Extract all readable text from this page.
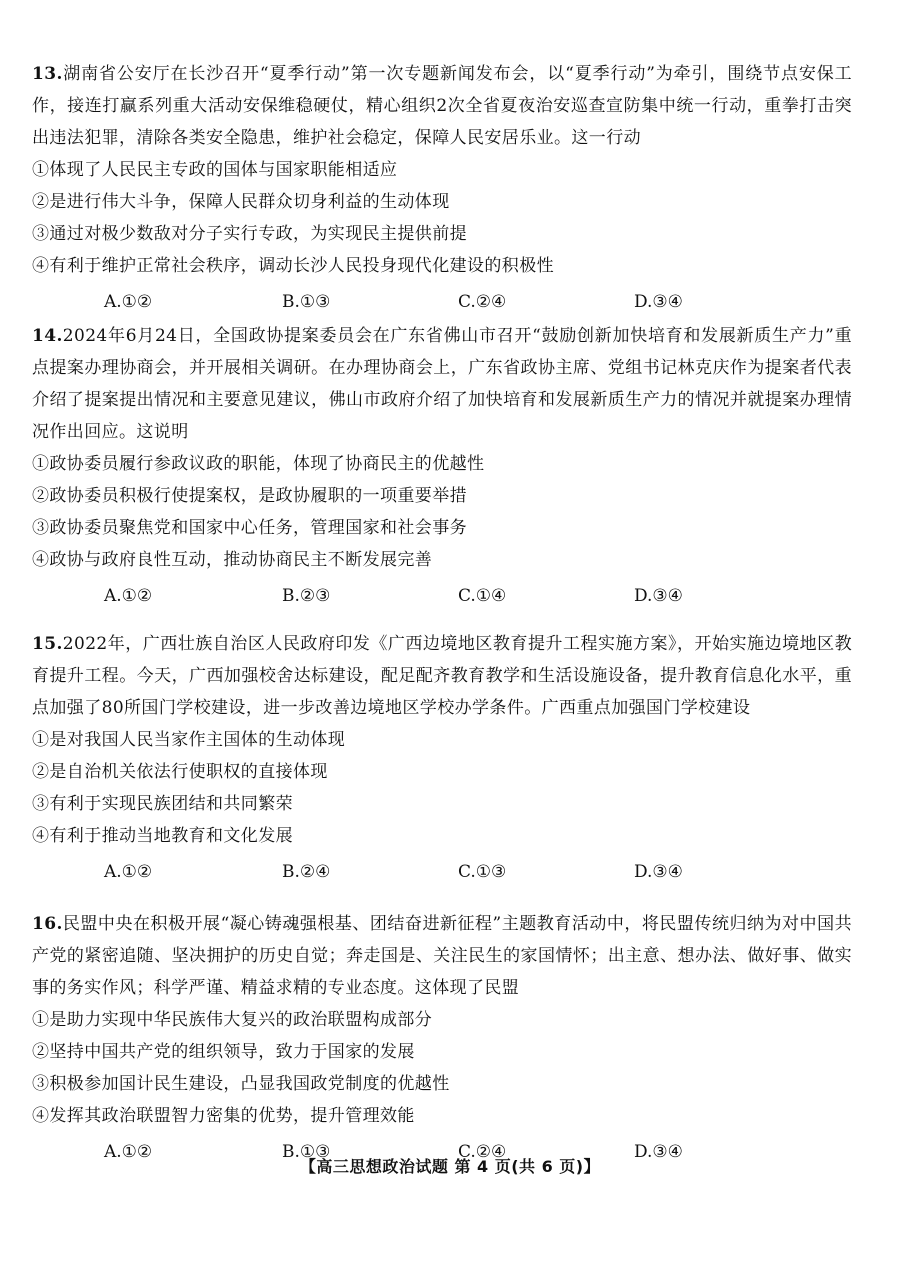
13.湖南省公安厅在长沙召开“夏季行动”第一次专题新闻发布会，以“夏季行动”为牵引，围绕节点安保工作，接连打赢系列重大活动安保维稳硬仗，精心组织2次全省夏夜治安巡查宣防集中统一行动，重拳打击突出违法犯罪，清除各类安全隐患，维护社会稳定，保障人民安居乐业。这一行动

①体现了人民民主专政的国体与国家职能相适应

②是进行伟大斗争，保障人民群众切身利益的生动体现

③通过对极少数敌对分子实行专政，为实现民主提供前提

④有利于维护正常社会秩序，调动长沙人民投身现代化建设的积极性

A.①②	B.①③	C.②④	D.③④

14.2024年6月24日，全国政协提案委员会在广东省佛山市召开“鼓励创新加快培育和发展新质生产力”重点提案办理协商会，并开展相关调研。在办理协商会上，广东省政协主席、党组书记林克庆作为提案者代表介绍了提案提出情况和主要意见建议，佛山市政府介绍了加快培育和发展新质生产力的情况并就提案办理情况作出回应。这说明

①政协委员履行参政议政的职能，体现了协商民主的优越性

②政协委员积极行使提案权，是政协履职的一项重要举措

③政协委员聚焦党和国家中心任务，管理国家和社会事务

④政协与政府良性互动，推动协商民主不断发展完善

A.①②	B.②③	C.①④	D.③④

15.2022年，广西壮族自治区人民政府印发《广西边境地区教育提升工程实施方案》，开始实施边境地区教育提升工程。今天，广西加强校舍达标建设，配足配齐教育教学和生活设施设备，提升教育信息化水平，重点加强了80所国门学校建设，进一步改善边境地区学校办学条件。广西重点加强国门学校建设

①是对我国人民当家作主国体的生动体现

②是自治机关依法行使职权的直接体现

③有利于实现民族团结和共同繁荣

④有利于推动当地教育和文化发展

A.①②	B.②④	C.①③	D.③④

16.民盟中央在积极开展“凝心铸魂强根基、团结奋进新征程”主题教育活动中，将民盟传统归纳为对中国共产党的紧密追随、坚决拥护的历史自觉；奔走国是、关注民生的家国情怀；出主意、想办法、做好事、做实事的务实作风；科学严谨、精益求精的专业态度。这体现了民盟

①是助力实现中华民族伟大复兴的政治联盟构成部分

②坚持中国共产党的组织领导，致力于国家的发展

③积极参加国计民生建设，凸显我国政党制度的优越性

④发挥其政治联盟智力密集的优势，提升管理效能

A.①②	B.①③	C.②④	D.③④
【高三思想政治试题 第 4 页(共 6 页)】
